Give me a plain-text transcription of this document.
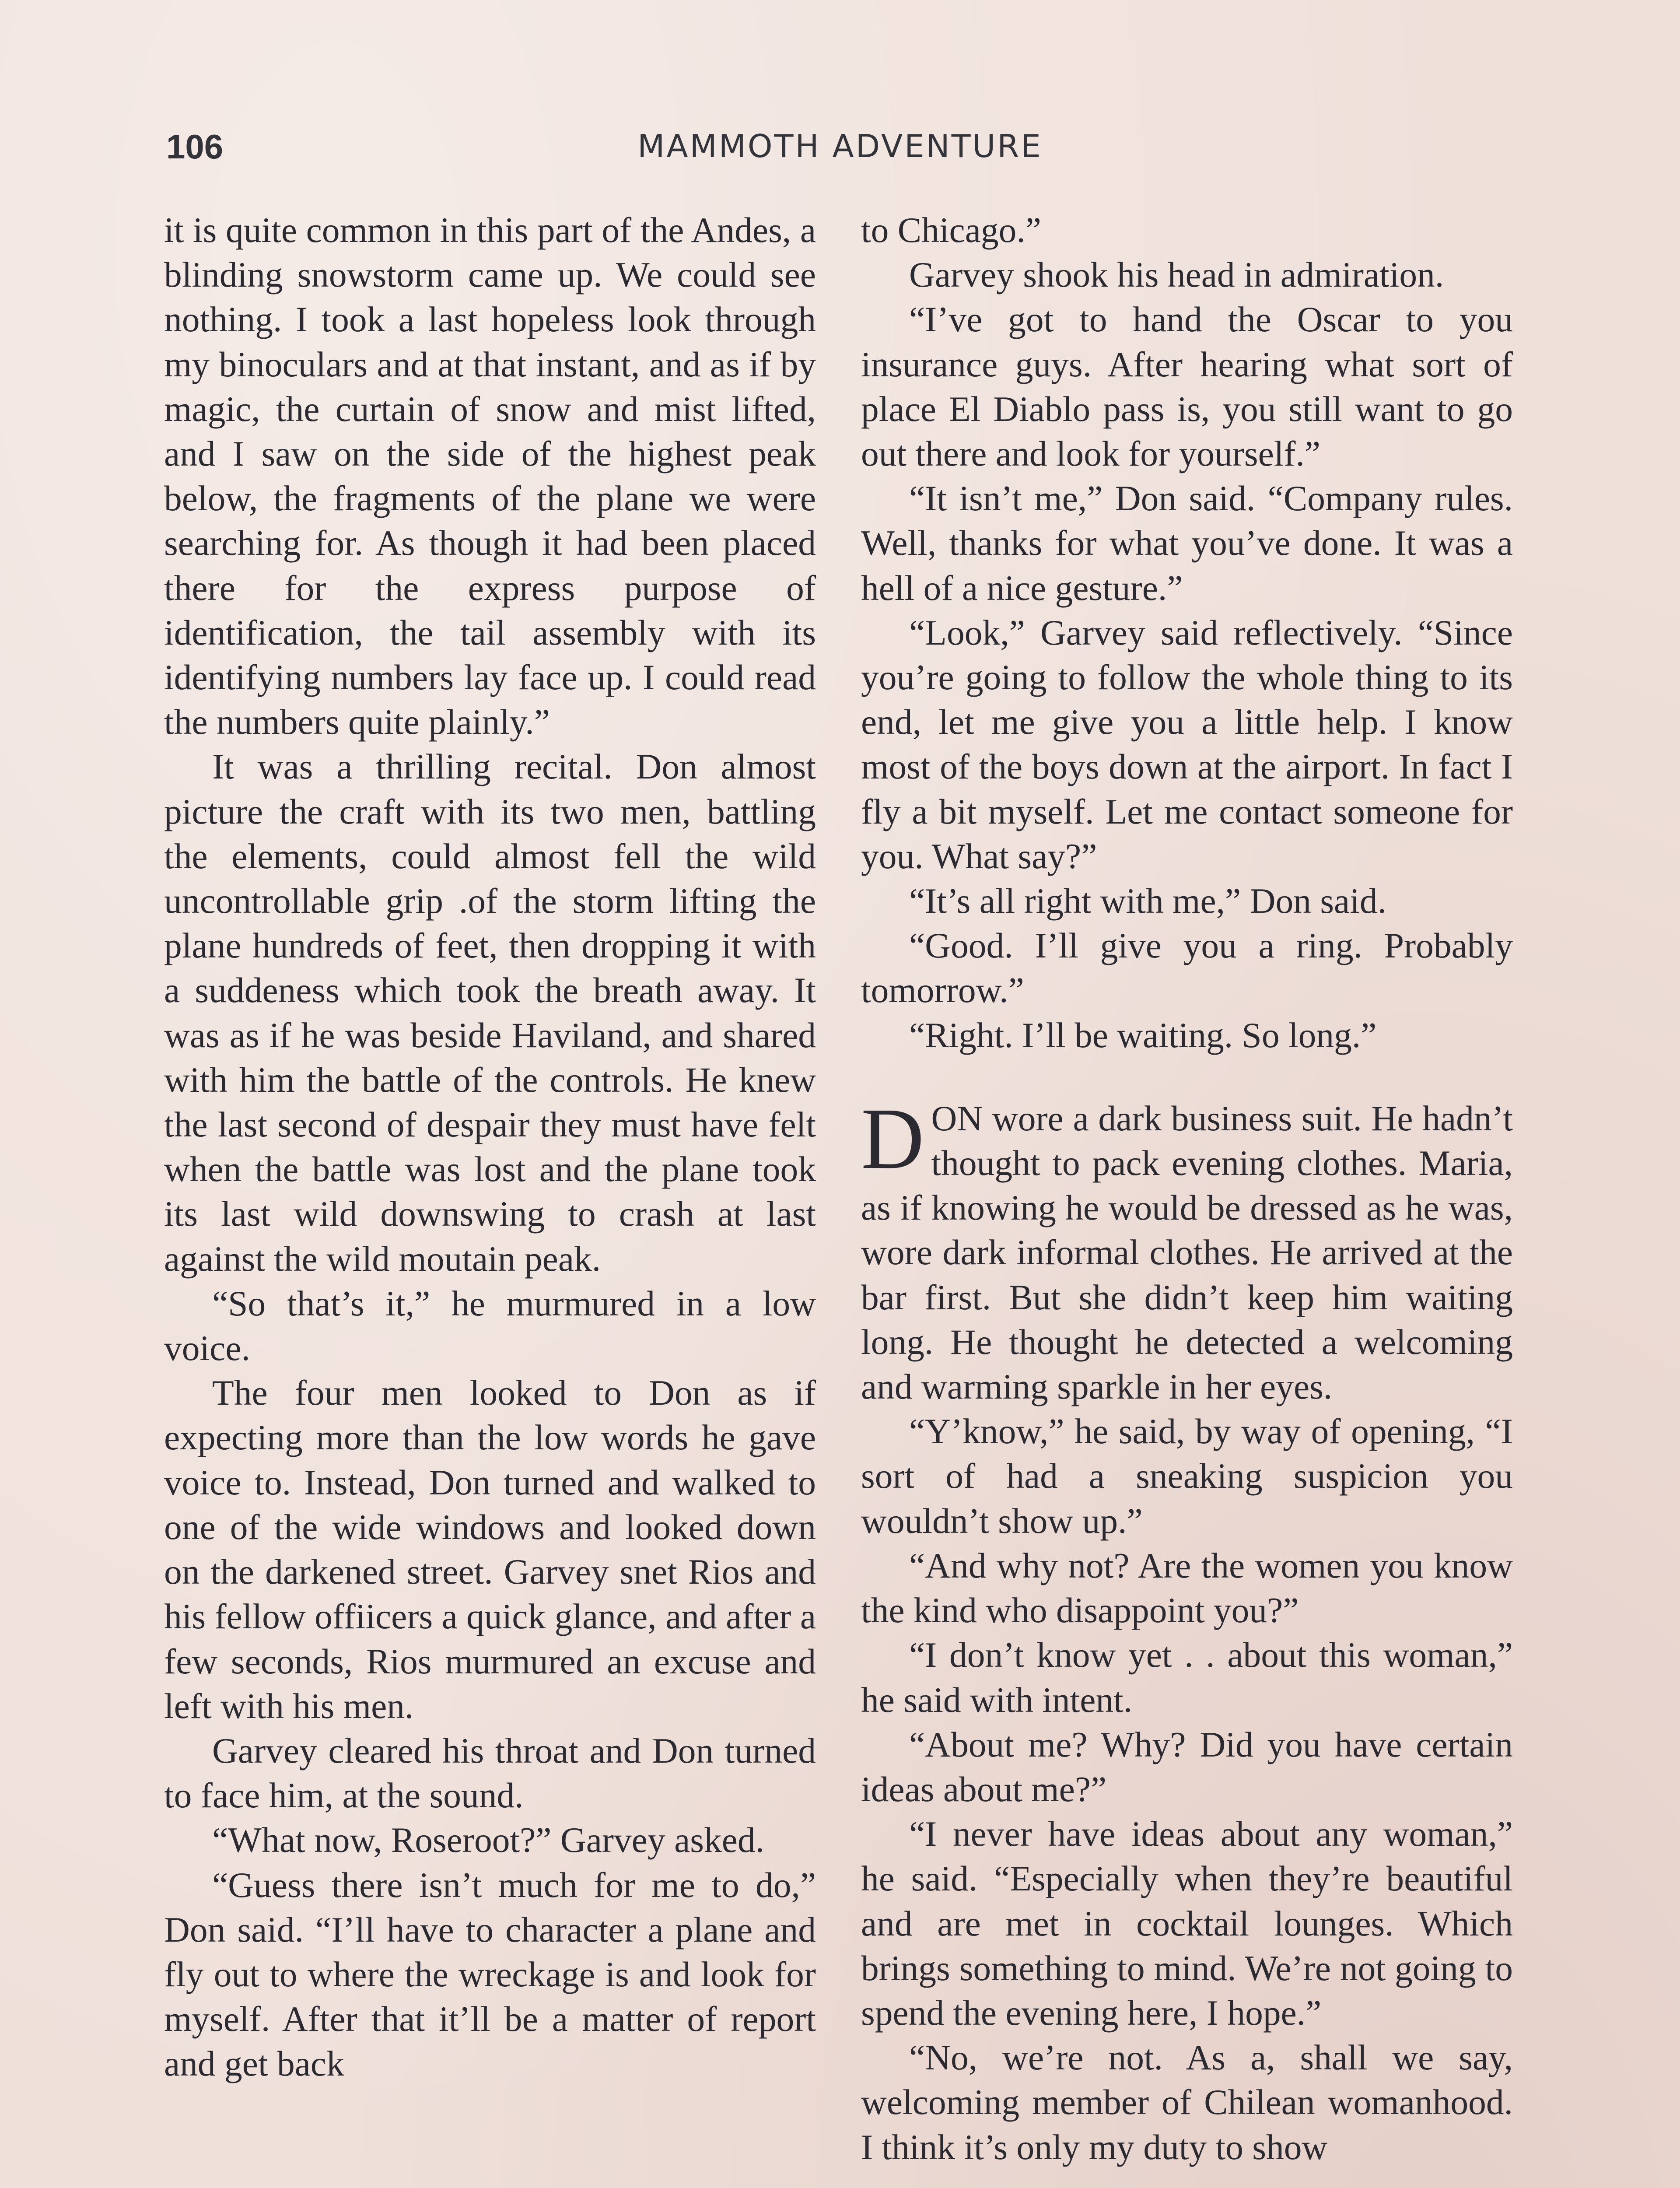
106	MAMMOTH ADVENTURE

it is quite common in this part of the Andes, a blinding snowstorm came up. We could see nothing. I took a last hopeless look through my binoculars and at that instant, and as if by magic, the curtain of snow and mist lifted, and I saw on the side of the highest peak below, the fragments of the plane we were searching for. As though it had been placed there for the express purpose of identification, the tail assembly with its identifying numbers lay face up. I could read the numbers quite plainly.”

It was a thrilling recital. Don almost picture the craft with its two men, battling the elements, could almost fell the wild uncontrollable grip .of the storm lifting the plane hundreds of feet, then dropping it with a suddeness which took the breath away. It was as if he was beside Haviland, and shared with him the battle of the controls. He knew the last second of despair they must have felt when the battle was lost and the plane took its last wild downswing to crash at last against the wild moutain peak.

“So that’s it,” he murmured in a low voice.

The four men looked to Don as if expecting more than the low words he gave voice to. Instead, Don turned and walked to one of the wide windows and looked down on the darkened street. Garvey snet Rios and his fellow offiicers a quick glance, and after a few seconds, Rios murmured an excuse and left with his men.

Garvey cleared his throat and Don turned to face him, at the sound.

“What now, Roseroot?” Garvey asked.

“Guess there isn’t much for me to do,” Don said. “I’ll have to character a plane and fly out to where the wreckage is and look for myself. After that it’ll be a matter of report and get back

to Chicago.”

Garvey shook his head in admiration.

“I’ve got to hand the Oscar to you insurance guys. After hearing what sort of place El Diablo pass is, you still want to go out there and look for yourself.”

“It isn’t me,” Don said. “Company rules. Well, thanks for what you’ve done. It was a hell of a nice gesture.”

“Look,” Garvey said reflectively. “Since you’re going to follow the whole thing to its end, let me give you a little help. I know most of the boys down at the airport. In fact I fly a bit myself. Let me contact someone for you. What say?”

“It’s all right with me,” Don said.

“Good. I’ll give you a ring. Probably tomorrow.”

“Right. I’ll be waiting. So long.”

DON wore a dark business suit. He hadn’t thought to pack evening clothes. Maria, as if knowing he would be dressed as he was, wore dark informal clothes. He arrived at the bar first. But she didn’t keep him waiting long. He thought he detected a welcoming and warming sparkle in her eyes.

“Y’know,” he said, by way of opening, “I sort of had a sneaking suspicion you wouldn’t show up.”

“And why not? Are the women you know the kind who disappoint you?”

“I don’t know yet . . about this woman,” he said with intent.

“About me? Why? Did you have certain ideas about me?”

“I never have ideas about any woman,” he said. “Especially when they’re beautiful and are met in cocktail lounges. Which brings something to mind. We’re not going to spend the evening here, I hope.”

“No, we’re not. As a, shall we say, welcoming member of Chilean womanhood. I think it’s only my duty to show
